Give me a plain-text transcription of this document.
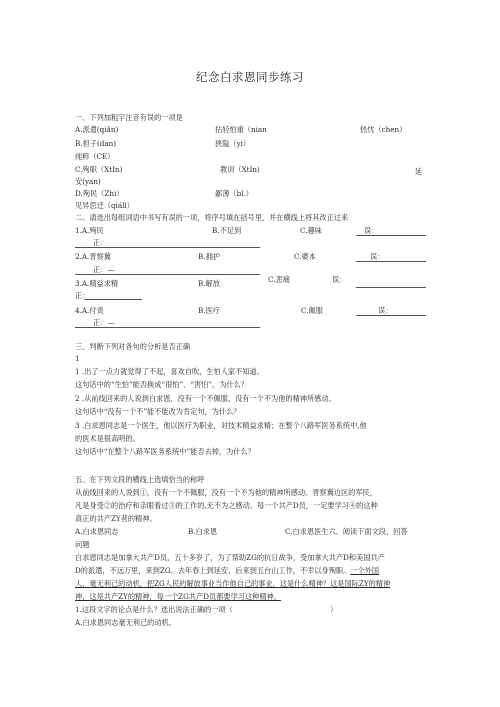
纪念白求恩同步练习
一、下列加粗字注音有误的一项是
A.派遣(qiǎn)	拈轻怕重（nian	热忱（chen）
B.担子(dan)	狭隘（yi）
纯粹（CE）
C.殉职（XtIn)	教训（XtIn)	延
安(yan)
D.殉民（Zhi）	鄙薄（bl.）
见异思迁（qiáll）
二、请选出每组词语中书写有误的一项，将序号填在括号里，并在横线上将其改正过来
1.A.殉民	B.不足到	C.趣味	误：
正：
2.A.晋察冀	B.拥护	C.婆本	误：
正：—
3.A.精益求精	B.解放	C.悲痛	误：
正：
4.A.付责	B.医疗	C.佩服	误：
正：—
三、判断下列对各句的分析是否正确
1
1 .出了一点力就觉得了不起，喜欢自吹，生怕人家不知道。
这句话中的“生怕”能否换成“很怕”、“害怕”，为什么？
2 .从前线回来的人说到白求恩，没有一个不佩服，没有一个不为他的精神所感动。
这句话中“没有一个不”能不能改为肯定句，为什么？
3 .白求恩同志是一个医生，他以医疗为职业，对技术精益求精；在整个八路军医务系统中,他
的医术是很高明的。
这句话中“在整个八路军医务系统中”能否去掉，为什么？
五、在下列文段的横线上选填恰当的称呼
从前线回来的人说到①，没有一个不佩服，没有一个不为他的精神所感动。晋察冀边区的军民，
凡是身受②的治疗和亲眼看过③的工作的,无不为之感动。每一个共产D员，一定要学习④的这种
真正的共产ZY者的精神。
A.白求恩同志	B.白求恩	C.白求恩医生六、阅读下面文段，回答
问题
白求恩同志是加拿大共产D员，五十多岁了，为了帮助ZG的抗日战争，受加拿大共产D和美国共产
D的派遣，不远万里，来到ZG。去年春上到延安，后来到五台山工作，不幸以身殉职。一个外国
人，毫无利己的动机，把ZG人民的解放事业当作他自己的事业，这是什么精神？这是国际ZY的精神
神，这是共产ZY的精神，每一个ZG共产D员都要学习这种精神。
1.这段文字的论点是什么？选出说法正确的一项（	）
A.白求恩同志毫无利己的动机。
